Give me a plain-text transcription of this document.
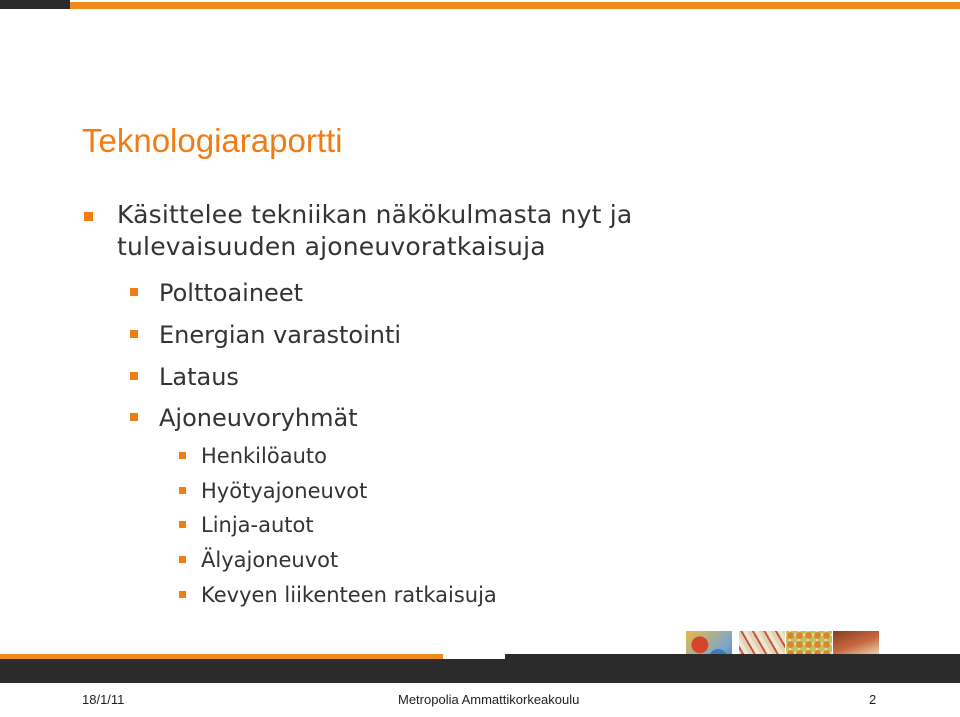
Teknologiaraportti
Käsittelee tekniikan näkökulmasta nyt ja
tulevaisuuden ajoneuvoratkaisuja
Polttoaineet
Energian varastointi
Lataus
Ajoneuvoryhmät
Henkilöauto
Hyötyajoneuvot
Linja-autot
Älyajoneuvot
Kevyen liikenteen ratkaisuja
18/1/11	Metropolia Ammattikorkeakoulu	2
